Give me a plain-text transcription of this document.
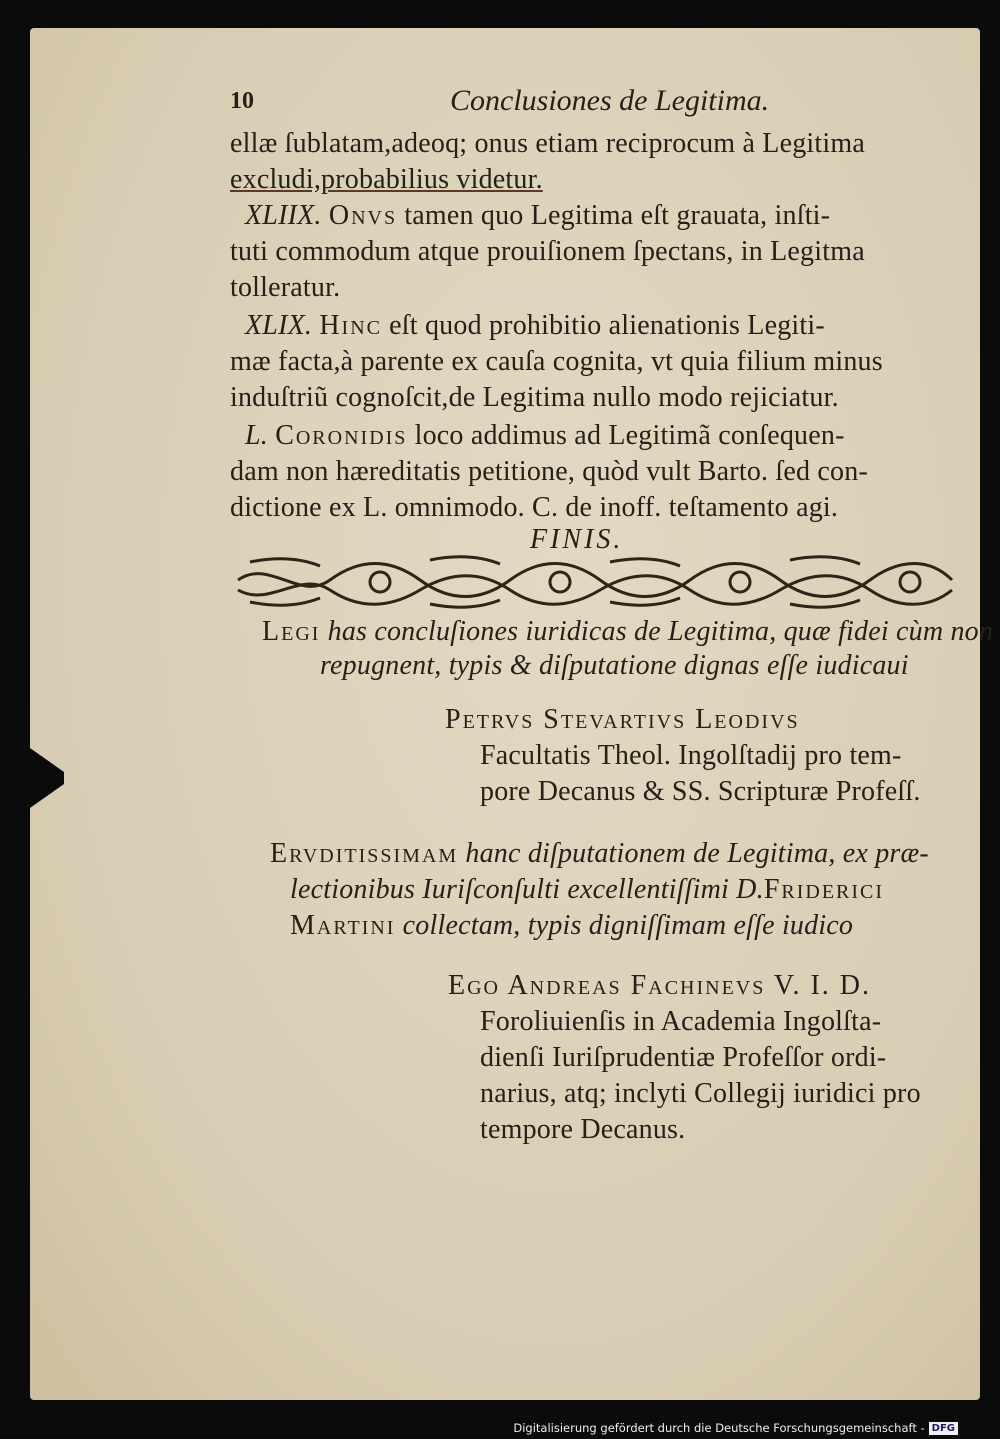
10	Conclusiones de Legitima.
ellæ ſublatam,adeoq; onus etiam reciprocum à Legitima
excludi,probabilius videtur.
XLIIX. Onvs tamen quo Legitima eſt grauata, inſti-
tuti commodum atque prouiſionem ſpectans, in Legitma
tolleratur.
XLIX. Hinc eſt quod prohibitio alienationis Legiti-
mæ facta,à parente ex cauſa cognita, vt quia filium minus
induſtriũ cognoſcit,de Legitima nullo modo rejiciatur.
L. Coronidis loco addimus ad Legitimã conſequen-
dam non hæreditatis petitione, quòd vult Barto. ſed con-
dictione ex L. omnimodo. C. de inoff. teſtamento agi.
FINIS.
Legi has concluſiones iuridicas de Legitima, quæ fidei cùm non
repugnent, typis & diſputatione dignas eſſe iudicaui
Petrvs Stevartivs Leodivs
Facultatis Theol. Ingolſtadij pro tem-
pore Decanus & SS. Scripturæ Profeſſ.
Ervditissimam hanc diſputationem de Legitima, ex præ-
lectionibus Iuriſconſulti excellentiſſimi D.Friderici
Martini collectam, typis digniſſimam eſſe iudico
Ego Andreas Fachinevs V. I. D.
Foroliuienſis in Academia Ingolſta-
dienſi Iuriſprudentiæ Profeſſor ordi-
narius, atq; inclyti Collegij iuridici pro
tempore Decanus.
Digitalisierung gefördert durch die Deutsche Forschungsgemeinschaft - DFG
